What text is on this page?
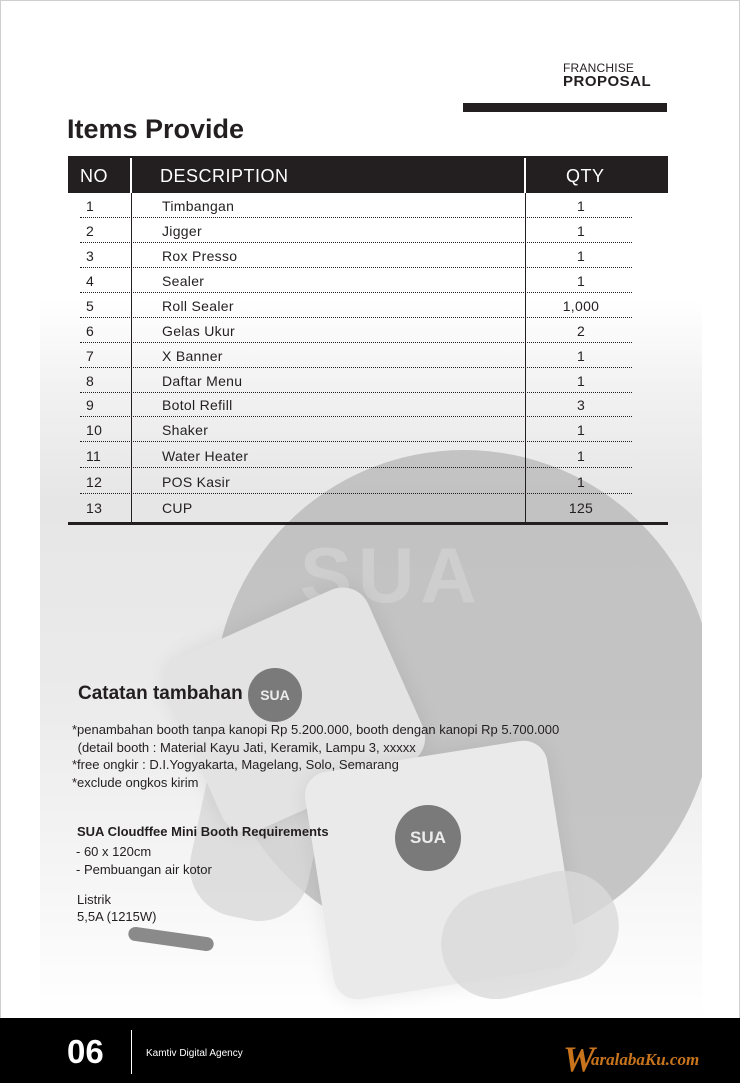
SUA
SUA
SUA
FRANCHISE
PROPOSAL
Items Provide
NO	DESCRIPTION	QTY
1	Timbangan	1
2	Jigger	1
3	Rox Presso	1
4	Sealer	1
5	Roll Sealer	1,000
6	Gelas Ukur	2
7	X Banner	1
8	Daftar Menu	1
9	Botol Refill	3
10	Shaker	1
11	Water Heater	1
12	POS Kasir	1
13	CUP	125
Catatan tambahan
*penambahan booth tanpa kanopi Rp 5.200.000, booth dengan kanopi Rp 5.700.000
(detail booth : Material Kayu Jati, Keramik, Lampu 3, xxxxx
*free ongkir : D.I.Yogyakarta, Magelang, Solo, Semarang
*exclude ongkos kirim
SUA Cloudffee Mini Booth Requirements
- 60 x 120cm
- Pembuangan air kotor
Listrik
5,5A (1215W)
06	Kamtiv Digital Agency	WaralabaKu.com
